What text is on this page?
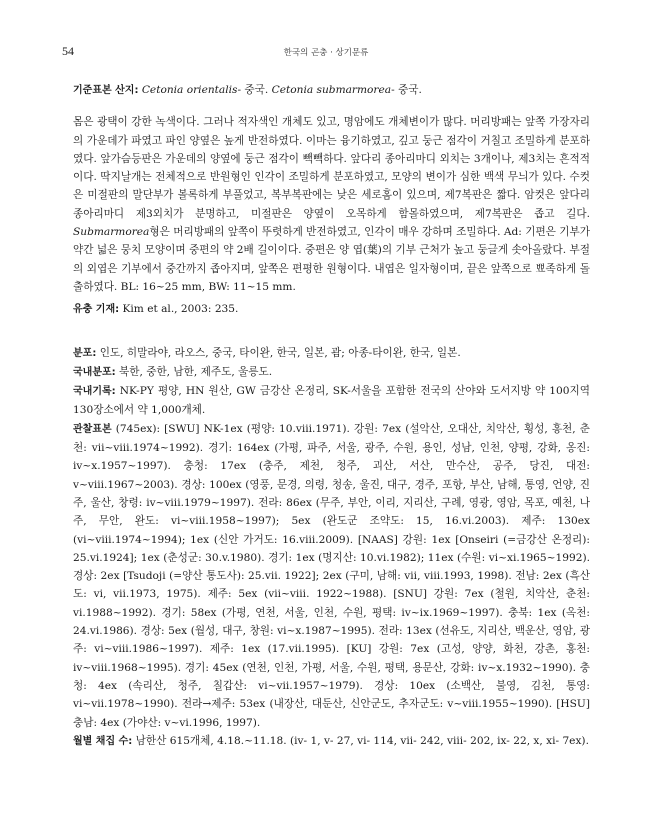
54	한국의 곤충 · 상기문류

기준표본 산지: Cetonia orientalis- 중국. Cetonia submarmorea- 중국.

몸은 광택이 강한 녹색이다. 그러나 적자색인 개체도 있고, 명암에도 개체변이가 많다. 머리방패는 앞쪽 가장자리의 가운데가 파였고 파인 양옆은 높게 반전하였다. 이마는 융기하였고, 깊고 둥근 점각이 거칠고 조밀하게 분포하였다. 앞가슴등판은 가운데의 양옆에 둥근 점각이 빽빽하다. 앞다리 종아리마디 외치는 3개이나, 제3치는 흔적적이다. 딱지날개는 전체적으로 반원형인 인각이 조밀하게 분포하였고, 모양의 변이가 심한 백색 무늬가 있다. 수컷은 미절판의 말단부가 볼록하게 부풀었고, 복부복판에는 낮은 세로홈이 있으며, 제7복판은 짧다. 암컷은 앞다리 종아리마디 제3외치가 분명하고, 미절판은 양옆이 오목하게 함몰하였으며, 제7복판은 좁고 길다. Submarmorea형은 머리방패의 앞쪽이 뚜렷하게 반전하였고, 인각이 매우 강하며 조밀하다. Ad: 기편은 기부가 약간 넓은 뭉치 모양이며 중편의 약 2배 길이이다. 중편은 양 엽(葉)의 기부 근처가 높고 둥글게 솟아올랐다. 부절의 외엽은 기부에서 중간까지 좁아지며, 앞쪽은 편평한 원형이다. 내엽은 일자형이며, 끝은 앞쪽으로 뾰족하게 돌출하였다. BL: 16~25 mm, BW: 11~15 mm.

유충 기재: Kim et al., 2003: 235.

분포: 인도, 히말라야, 라오스, 중국, 타이완, 한국, 일본, 괌; 아종-타이완, 한국, 일본.

국내분포: 북한, 중한, 남한, 제주도, 울릉도.

국내기록: NK-PY 평양, HN 원산, GW 금강산 온정리, SK-서울을 포함한 전국의 산야와 도서지방 약 100지역 130장소에서 약 1,000개체.

관찰표본 (745ex): [SWU] NK-1ex (평양: 10.viii.1971). 강원: 7ex (설악산, 오대산, 치악산, 횡성, 홍천, 춘천: vii~viii.1974~1992). 경기: 164ex (가평, 파주, 서울, 광주, 수원, 용인, 성남, 인천, 양평, 강화, 옹진: iv~x.1957~1997). 충청: 17ex (충주, 제천, 청주, 괴산, 서산, 만수산, 공주, 당진, 대전: v~viii.1967~2003). 경상: 100ex (영풍, 문경, 의령, 청송, 울진, 대구, 경주, 포항, 부산, 남해, 통영, 언양, 진주, 울산, 창령: iv~viii.1979~1997). 전라: 86ex (무주, 부안, 이리, 지리산, 구례, 영광, 영암, 목포, 예천, 나주, 무안, 완도: vi~viii.1958~1997); 5ex (완도군 조약도: 15, 16.vi.2003). 제주: 130ex (vi~viii.1974~1994); 1ex (신안 가거도: 16.viii.2009). [NAAS] 강원: 1ex [Onseiri (=금강산 온정리): 25.vi.1924]; 1ex (춘성군: 30.v.1980). 경기: 1ex (명지산: 10.vi.1982); 11ex (수원: vi~xi.1965~1992). 경상: 2ex [Tsudoji (=양산 통도사): 25.vii. 1922]; 2ex (구미, 남해: vii, viii.1993, 1998). 전남: 2ex (흑산도: vi, vii.1973, 1975). 제주: 5ex (vii~viii. 1922~1988). [SNU] 강원: 7ex (철원, 치악산, 춘천: vi.1988~1992). 경기: 58ex (가평, 연천, 서울, 인천, 수원, 평택: iv~ix.1969~1997). 충북: 1ex (옥천: 24.vi.1986). 경상: 5ex (월성, 대구, 창원: vi~x.1987~1995). 전라: 13ex (선유도, 지리산, 백운산, 영암, 광주: vi~viii.1986~1997). 제주: 1ex (17.vii.1995). [KU] 강원: 7ex (고성, 양양, 화천, 강촌, 홍천: iv~viii.1968~1995). 경기: 45ex (연천, 인천, 가평, 서울, 수원, 평택, 용문산, 강화: iv~x.1932~1990). 충청: 4ex (속리산, 청주, 칠갑산: vi~vii.1957~1979). 경상: 10ex (소백산, 불영, 김천, 통영: vi~vii.1978~1990). 전라→제주: 53ex (내장산, 대둔산, 신안군도, 추자군도: v~viii.1955~1990). [HSU] 충남: 4ex (가야산: v~vi.1996, 1997).

월별 채집 수: 남한산 615개체, 4.18.~11.18. (iv- 1, v- 27, vi- 114, vii- 242, viii- 202, ix- 22, x, xi- 7ex).
